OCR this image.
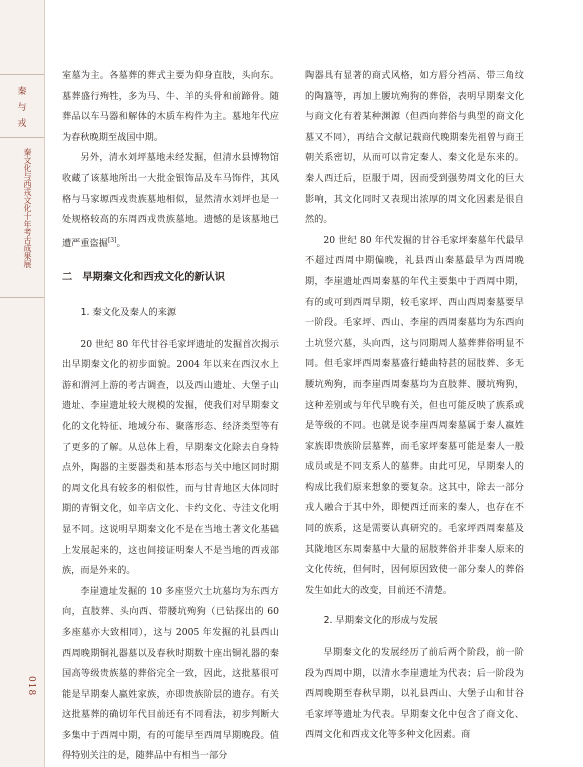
秦
与
戎
秦文化与西戎文化十年考古成果展
018

室墓为主。各墓葬的葬式主要为仰身直肢，头向东。墓葬盛行殉牲，多为马、牛、羊的头骨和前蹄骨。随葬品以车马器和解体的木质车构件为主。墓地年代应为春秋晚期至战国中期。

另外，清水刘坪墓地未经发掘，但清水县博物馆收藏了该墓地所出一大批金银饰品及车马饰件，其风格与马家塬西戎贵族墓地相似，显然清水刘坪也是一处规格较高的东周西戎贵族墓地。遗憾的是该墓地已遭严重盗掘[3]。

二　早期秦文化和西戎文化的新认识
1. 秦文化及秦人的来源

20 世纪 80 年代甘谷毛家坪遗址的发掘首次揭示出早期秦文化的初步面貌。2004 年以来在西汉水上游和渭河上游的考古调查，以及西山遗址、大堡子山遗址、李崖遗址较大规模的发掘，使我们对早期秦文化的文化特征、地域分布、聚落形态、经济类型等有了更多的了解。从总体上看，早期秦文化除去自身特点外，陶器的主要器类和基本形态与关中地区同时期的周文化具有较多的相似性，而与甘青地区大体同时期的青铜文化，如辛店文化、卡约文化、寺洼文化明显不同。这说明早期秦文化不是在当地土著文化基础上发展起来的，这也间接证明秦人不是当地的西戎部族，而是外来的。

李崖遗址发掘的 10 多座竖穴土坑墓均为东西方向，直肢葬、头向西、带腰坑殉狗（已钻探出的 60 多座墓亦大致相同），这与 2005 年发掘的礼县西山西周晚期铜礼器墓以及春秋时期数十座出铜礼器的秦国高等级贵族墓的葬俗完全一致，因此，这批墓很可能是早期秦人嬴姓家族，亦即贵族阶层的遗存。有关这批墓葬的确切年代目前还有不同看法，初步判断大多集中于西周中期，有的可能早至西周早期晚段。值得特别关注的是，随葬品中有相当一部分

陶器具有显著的商式风格，如方唇分裆鬲、带三角纹的陶簋等，再加上腰坑殉狗的葬俗，表明早期秦文化与商文化有着某种渊源（但西向葬俗与典型的商文化墓又不同），再结合文献记载商代晚期秦先祖曾与商王朝关系密切，从而可以肯定秦人、秦文化是东来的。秦人西迁后，臣服于周，因而受到强势周文化的巨大影响，其文化同时又表现出浓厚的周文化因素是很自然的。

20 世纪 80 年代发掘的甘谷毛家坪秦墓年代最早不超过西周中期偏晚，礼县西山秦墓最早为西周晚期，李崖遗址西周秦墓的年代主要集中于西周中期，有的或可到西周早期，较毛家坪、西山西周秦墓要早一阶段。毛家坪、西山、李崖的西周秦墓均为东西向土坑竖穴墓，头向西，这与同期周人墓葬葬俗明显不同。但毛家坪西周秦墓盛行蜷曲特甚的屈肢葬、多无腰坑殉狗，而李崖西周秦墓均为直肢葬、腰坑殉狗，这种差别或与年代早晚有关，但也可能反映了族系或是等级的不同。也就是说李崖西周秦墓属于秦人嬴姓家族即贵族阶层墓葬，而毛家坪秦墓可能是秦人一般成员或是不同支系人的墓葬。由此可见，早期秦人的构成比我们原来想象的要复杂。这其中，除去一部分戎人融合于其中外，即便西迁而来的秦人，也存在不同的族系，这是需要认真研究的。毛家坪西周秦墓及其陇地区东周秦墓中大量的屈肢葬俗并非秦人原来的文化传统，但何时，因何原因致使一部分秦人的葬俗发生如此大的改变，目前还不清楚。

2. 早期秦文化的形成与发展

早期秦文化的发展经历了前后两个阶段，前一阶段为西周中期，以清水李崖遗址为代表；后一阶段为西周晚期至春秋早期，以礼县西山、大堡子山和甘谷毛家坪等遗址为代表。早期秦文化中包含了商文化、西周文化和西戎文化等多种文化因素。商
